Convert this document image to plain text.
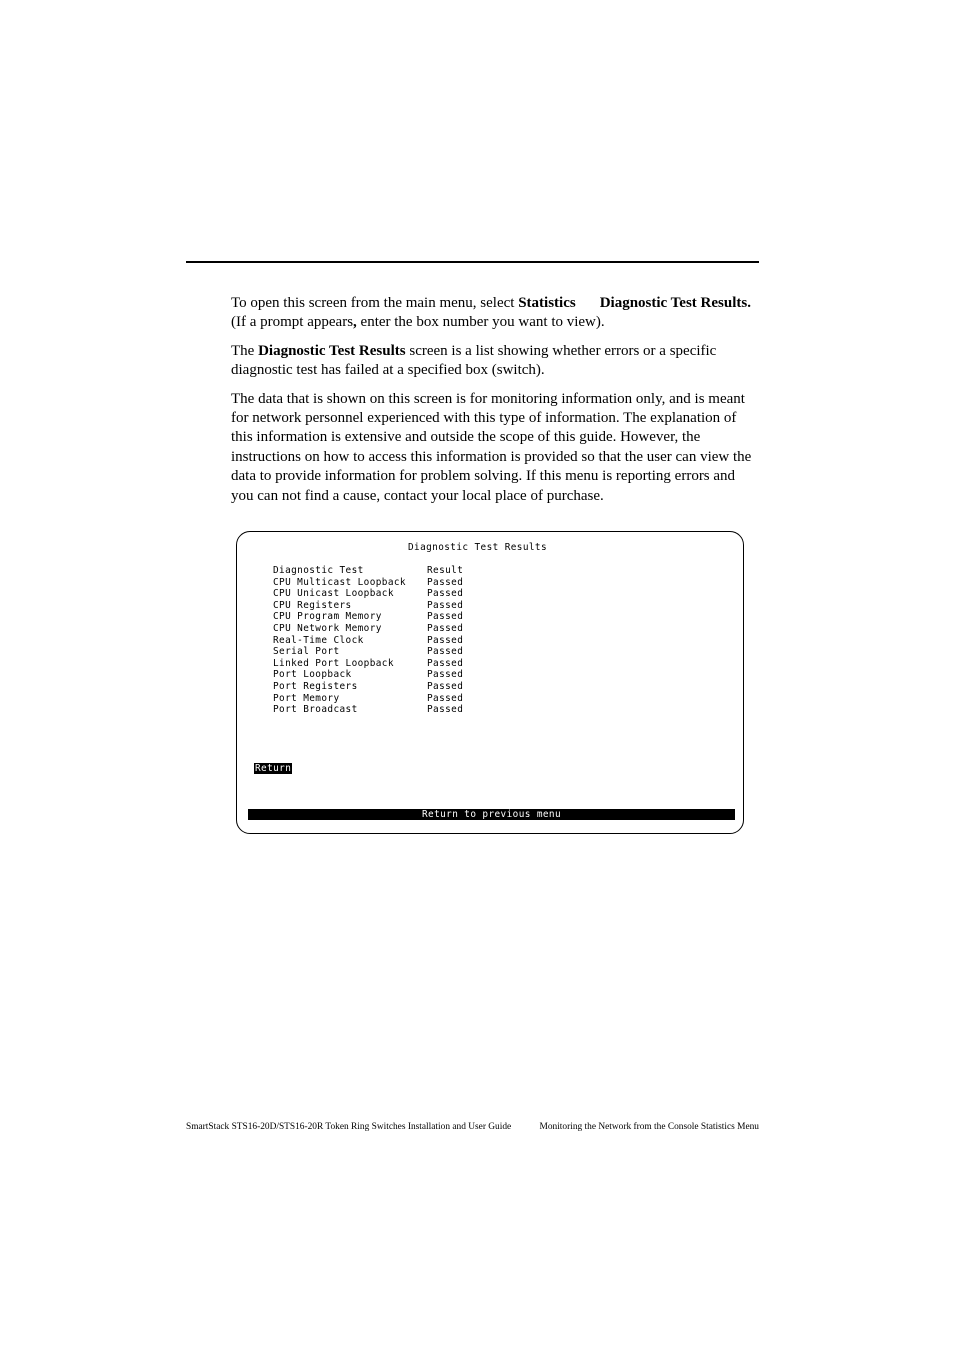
To open this screen from the main menu, select Statistics Diagnostic Test Results. (If a prompt appears, enter the box number you want to view).

The Diagnostic Test Results screen is a list showing whether errors or a specific diagnostic test has failed at a specified box (switch).

The data that is shown on this screen is for monitoring information only, and is meant for network personnel experienced with this type of information. The explanation of this information is extensive and outside the scope of this guide. However, the instructions on how to access this information is provided so that the user can view the data to provide information for problem solving. If this menu is reporting errors and you can not find a cause, contact your local place of purchase.

Diagnostic Test Results
Diagnostic Test	Result
CPU Multicast Loopback	Passed
CPU Unicast Loopback	Passed
CPU Registers	Passed
CPU Program Memory	Passed
CPU Network Memory	Passed
Real-Time Clock	Passed
Serial Port	Passed
Linked Port Loopback	Passed
Port Loopback	Passed
Port Registers	Passed
Port Memory	Passed
Port Broadcast	Passed
Return
Return to previous menu
SmartStack STS16-20D/STS16-20R Token Ring Switches Installation and User Guide	Monitoring the Network from the Console Statistics Menu
